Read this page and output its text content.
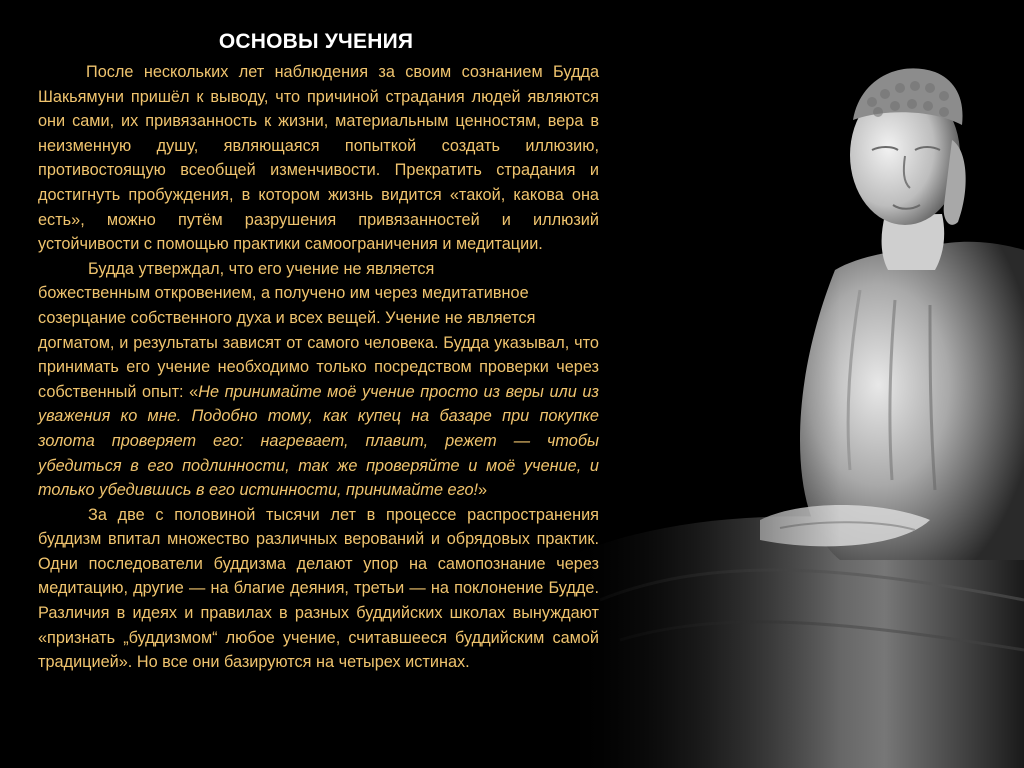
ОСНОВЫ УЧЕНИЯ

После нескольких лет наблюдения за своим сознанием Будда Шакьямуни пришёл к выводу, что причиной страдания людей являются они сами, их привязанность к жизни, материальным ценностям, вера в неизменную душу, являющаяся попыткой создать иллюзию, противостоящую всеобщей изменчивости. Прекратить страдания и достигнуть пробуждения, в котором жизнь видится «такой, какова она есть», можно путём разрушения привязанностей и иллюзий устойчивости с помощью практики самоограничения и медитации.

Будда утверждал, что его учение не является

божественным откровением, а получено им через медитативное

созерцание собственного духа и всех вещей. Учение не является

догматом, и результаты зависят от самого человека. Будда указывал, что принимать его учение необходимо только посредством проверки через собственный опыт: «Не принимайте моё учение просто из веры или из уважения ко мне. Подобно тому, как купец на базаре при покупке золота проверяет его: нагревает, плавит, режет — чтобы убедиться в его подлинности, так же проверяйте и моё учение, и только убедившись в его истинности, принимайте его!»

За две с половиной тысячи лет в процессе распространения буддизм впитал множество различных верований и обрядовых практик. Одни последователи буддизма делают упор на самопознание через медитацию, другие — на благие деяния, третьи — на поклонение Будде. Различия в идеях и правилах в разных буддийских школах вынуждают «признать „буддизмом“ любое учение, считавшееся буддийским самой традицией». Но все они базируются на четырех истинах.
